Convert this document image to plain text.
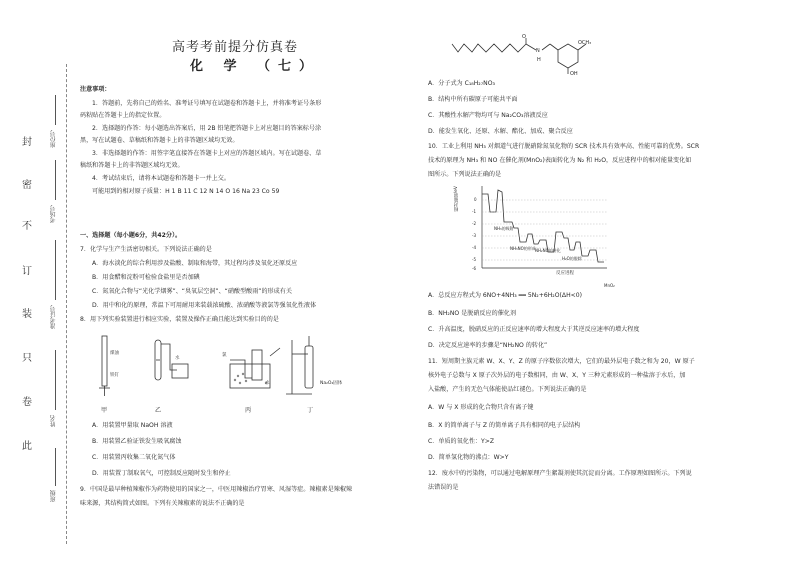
封
密
不
订
装
只
卷
此
座位号
考场号
准考证号
姓名
班级
高考考前提分仿真卷
化 学 （七）
注意事项：
1．答题前，先将自己的姓名、准考证号填写在试题卷和答题卡上，并将准考证号条形
码粘贴在答题卡上的指定位置。
2．选择题的作答：每小题选出答案后，用 2B 铅笔把答题卡上对应题目的答案标号涂
黑，写在试题卷、草稿纸和答题卡上的非答题区域均无效。
3．非选择题的作答：用签字笔直接答在答题卡上对应的答题区域内。写在试题卷、草
稿纸和答题卡上的非答题区域均无效。
4．考试结束后，请将本试题卷和答题卡一并上交。
可能用到的相对原子质量：H 1 B 11 C 12 N 14 O 16 Na 23 Co 59
一、选择题（每小题6分，共42分）。
7．化学与生产生活密切相关。下列说法正确的是
A．海水淡化的综合利用涉及盐酸、制取和海带，其过程均涉及氧化还原反应
B．用食醋和淀粉可检验食盐里是否加碘
C．氮氧化合物与“光化学烟雾”、“臭氧层空洞”、“硝酸型酸雨”的形成有关
D．用中和化的原理，常温下可用耐用来装载浓硫酸、浓硝酸等液氯等强氧化性液体
8．用下列实验装置进行相应实验，装置及操作正确且能达到实验目的的是
煤油
铁钉
水
氯
水	Na₂O₂固体
甲	乙	丙	丁
A．用装置甲量取 NaOH 溶液
B．用装置乙验证铁发生吸氧腐蚀
C．用装置丙收集二氧化氮气体
D．用装置丁制取氧气，可控制反应随时发生和停止
9．中国是最早种植辣椒作为药物使用的国家之一，中医用辣椒治疗胃寒、风湿等症。辣椒素是辣椒辣
味来源，其结构简式如图。下列有关辣椒素的说法不正确的是
O
OCH₃
N
H
OH
A．分子式为 C₁₈H₂₇NO₃
B．结构中所有碳原子可能共平面
C．其酸性水解产物均可与 Na₂CO₃溶液反应
D．能发生氧化、还原、水解、酯化、加成、聚合反应
10．工业上利用 NH₃ 对烟道气进行脱硝除氮氧化物的 SCR 技术具有效率高、性能可靠的优势。SCR
技术的原理为 NH₃ 和 NO 在催化剂(MnO₂)表面转化为 N₂ 和 H₂O，反应进程中的相对能量变化如
图所示。下列说法正确的是
相对能量/eV	0
-1
-2
-3
-4
-5
-6
NH₃的吸附
NH₃NO的形成 NH₂NO的转化
H₂O的脱除
反应进程
MnO₂
A．总反应方程式为 6NO+4NH₃ ══ 5N₂+6H₂O(ΔH<0)
B．NH₂NO 是脱硝反应的催化剂
C．升高温度，脱硝反应的正反应速率的增大程度大于其逆反应速率的增大程度
D．决定反应速率的步骤是“NH₂NO 的转化”
11．短周期主族元素 W、X、Y、Z 的原子序数依次增大，它们的最外层电子数之和为 20，W 原子
核外电子总数与 X 原子次外层的电子数相同，由 W、X、Y 三种元素形成的一种盐溶于水后，加
入盐酸，产生的无色气体能使品红褪色。下列说法正确的是
A．W 与 X 形成的化合物只含有离子键
B．X 的简单离子与 Z 的简单离子具有相同的电子层结构
C．单质的氧化性：Y>Z
D．简单氢化物的沸点：W>Y
12．废水中的污染物，可以通过电解原理产生絮凝剂使其沉淀而分离。工作原理如图所示。下列说
法错误的是
